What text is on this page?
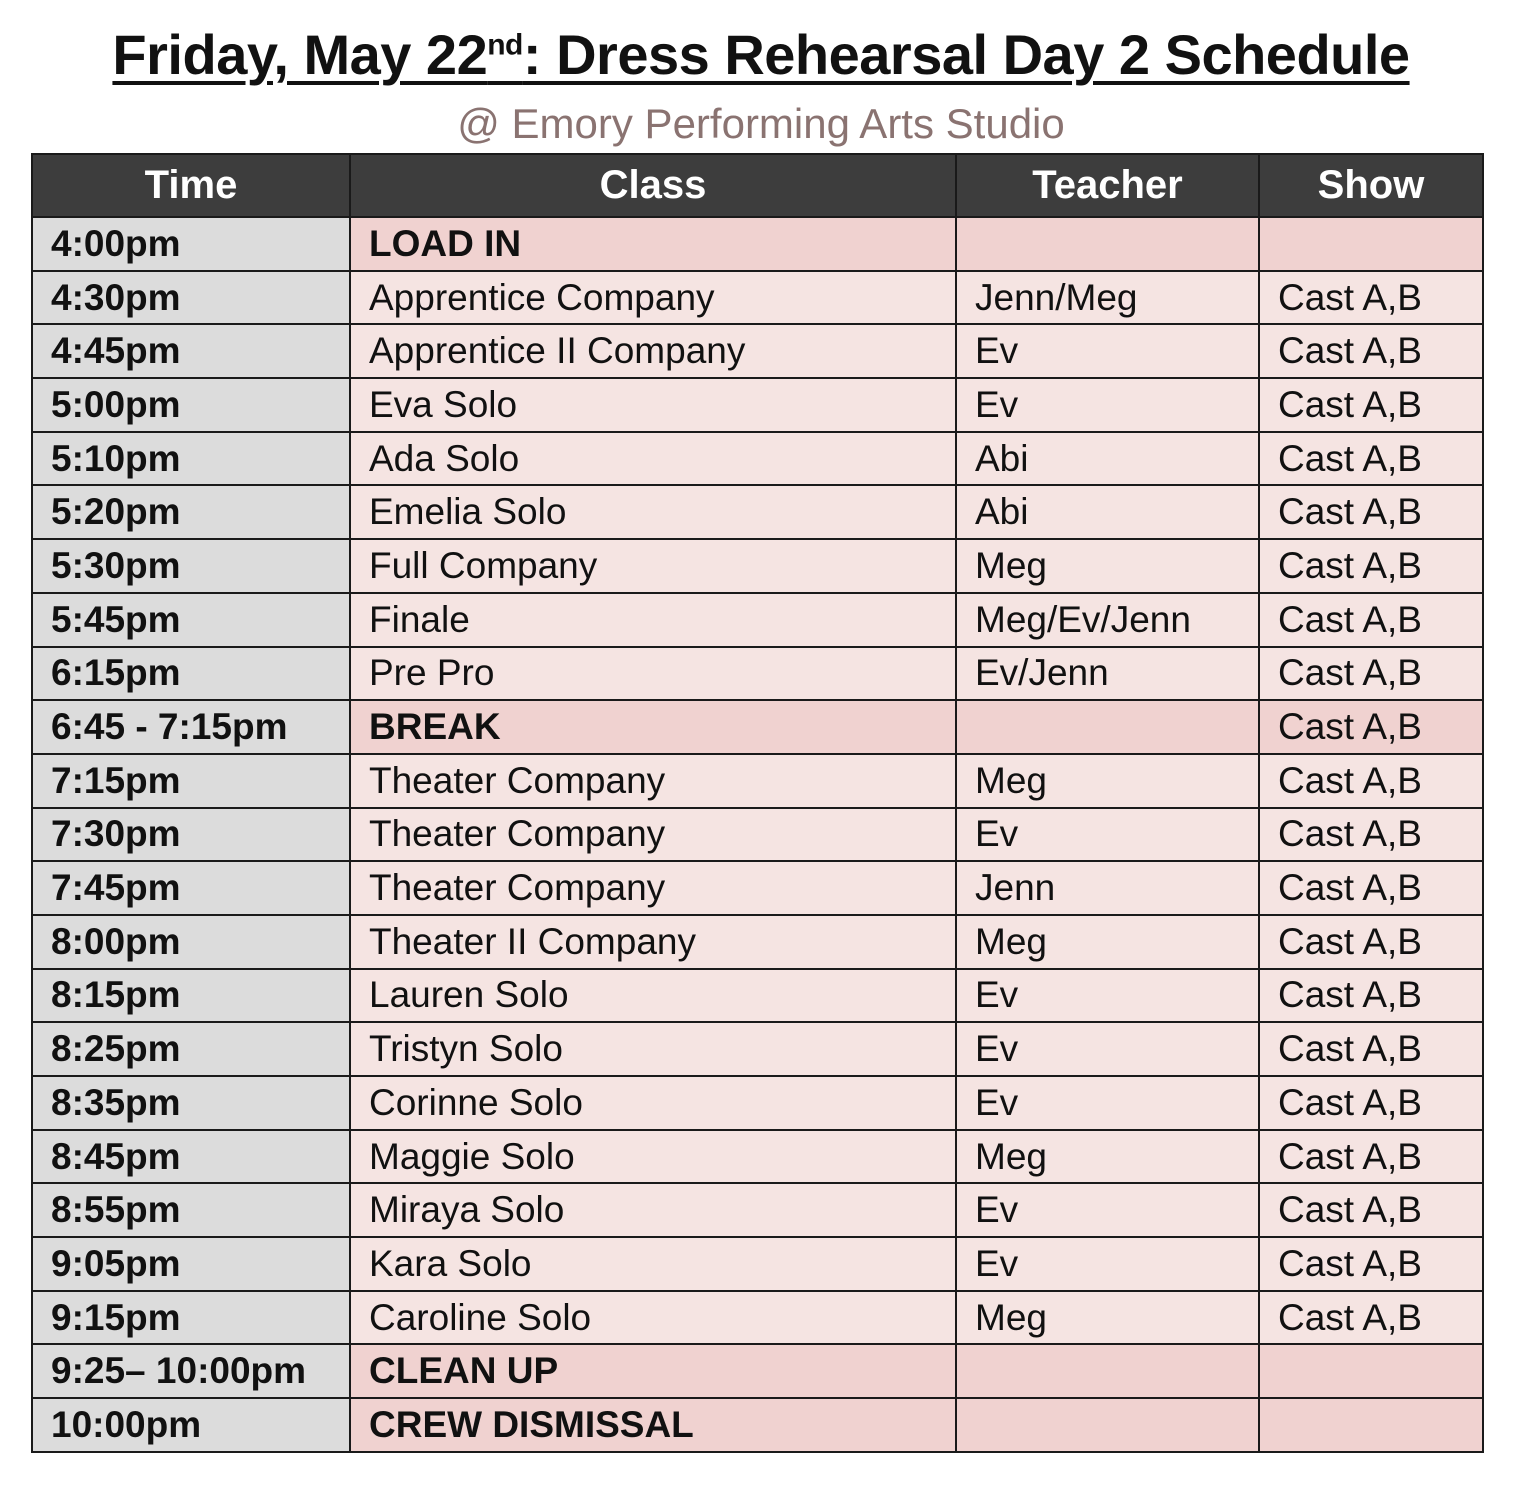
Friday, May 22nd: Dress Rehearsal Day 2 Schedule
@ Emory Performing Arts Studio
Time	Class	Teacher	Show
4:00pm	LOAD IN		
4:30pm	Apprentice Company	Jenn/Meg	Cast A,B
4:45pm	Apprentice II Company	Ev	Cast A,B
5:00pm	Eva Solo	Ev	Cast A,B
5:10pm	Ada Solo	Abi	Cast A,B
5:20pm	Emelia Solo	Abi	Cast A,B
5:30pm	Full Company	Meg	Cast A,B
5:45pm	Finale	Meg/Ev/Jenn	Cast A,B
6:15pm	Pre Pro	Ev/Jenn	Cast A,B
6:45 - 7:15pm	BREAK		Cast A,B
7:15pm	Theater Company	Meg	Cast A,B
7:30pm	Theater Company	Ev	Cast A,B
7:45pm	Theater Company	Jenn	Cast A,B
8:00pm	Theater II Company	Meg	Cast A,B
8:15pm	Lauren Solo	Ev	Cast A,B
8:25pm	Tristyn Solo	Ev	Cast A,B
8:35pm	Corinne Solo	Ev	Cast A,B
8:45pm	Maggie Solo	Meg	Cast A,B
8:55pm	Miraya Solo	Ev	Cast A,B
9:05pm	Kara Solo	Ev	Cast A,B
9:15pm	Caroline Solo	Meg	Cast A,B
9:25– 10:00pm	CLEAN UP		
10:00pm	CREW DISMISSAL		
